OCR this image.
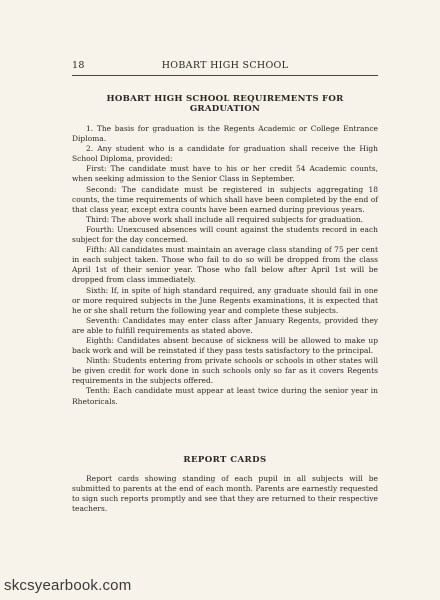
18	HOBART HIGH SCHOOL
HOBART HIGH SCHOOL REQUIREMENTS FOR GRADUATION

1. The basis for graduation is the Regents Academic or College Entrance Diploma.

2. Any student who is a candidate for graduation shall receive the High School Diploma, provided:

First: The candidate must have to his or her credit 54 Academic counts, when seeking admission to the Senior Class in September.

Second: The candidate must be registered in subjects aggregating 18 counts, the time requirements of which shall have been completed by the end of that class year, except extra counts have been earned during previous years.

Third: The above work shall include all required subjects for graduation.

Fourth: Unexcused absences will count against the students record in each subject for the day concerned.

Fifth: All candidates must maintain an average class standing of 75 per cent in each subject taken. Those who fail to do so will be dropped from the class April 1st of their senior year. Those who fall below after April 1st will be dropped from class immediately.

Sixth: If, in spite of high standard required, any graduate should fail in one or more required subjects in the June Regents examinations, it is expected that he or she shall return the following year and complete these subjects.

Seventh: Candidates may enter class after January Regents, provided they are able to fulfill requirements as stated above.

Eighth: Candidates absent because of sickness will be allowed to make up back work and will be reinstated if they pass tests satisfactory to the principal.

Ninth: Students entering from private schools or schools in other states will be given credit for work done in such schools only so far as it covers Regents requirements in the subjects offered.

Tenth: Each candidate must appear at least twice during the senior year in Rhetoricals.

REPORT CARDS

Report cards showing standing of each pupil in all subjects will be submitted to parents at the end of each month. Parents are earnestly requested to sign such reports promptly and see that they are returned to their respective teachers.

skcsyearbook.com
